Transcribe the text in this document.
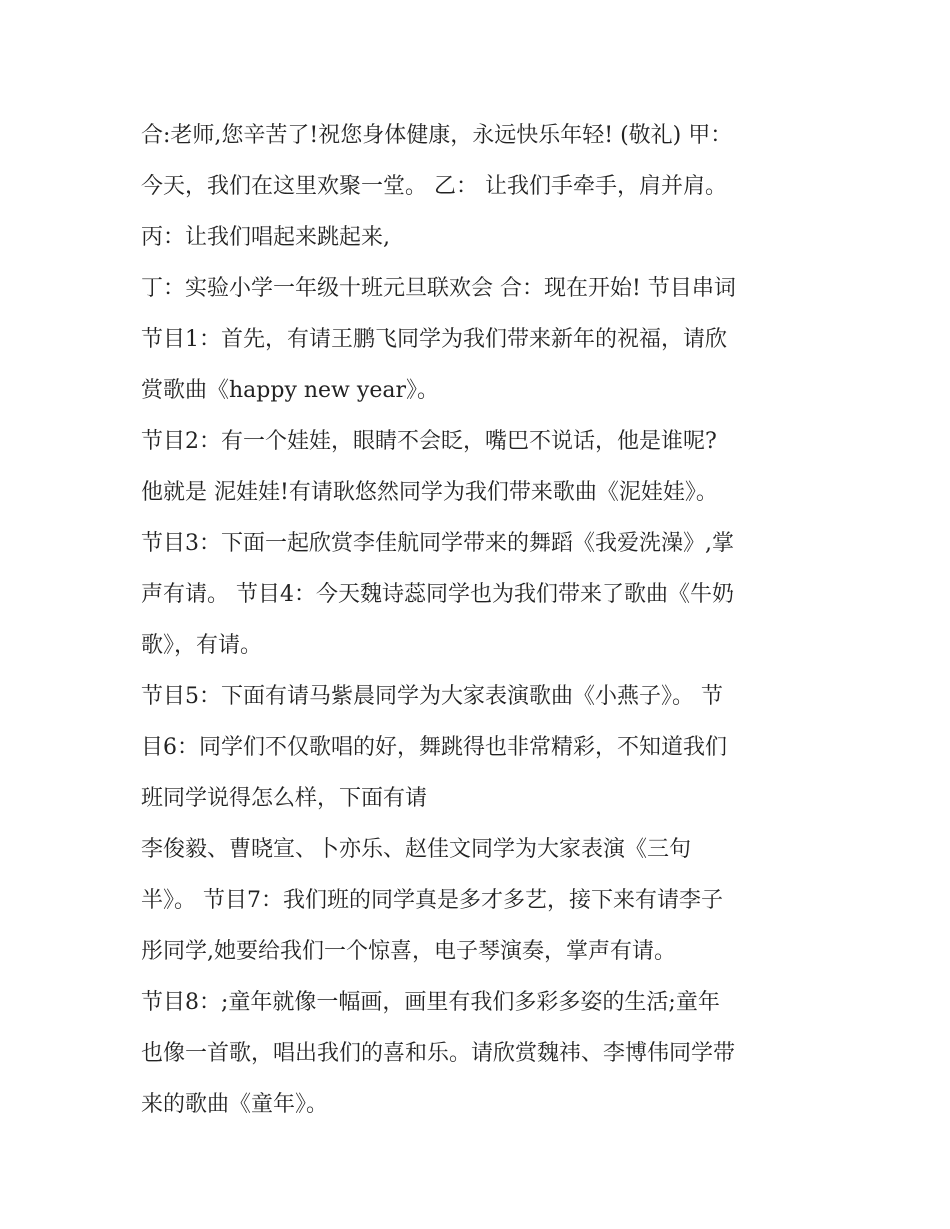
合:老师,您辛苦了!祝您身体健康，永远快乐年轻! (敬礼) 甲：
今天，我们在这里欢聚一堂。 乙： 让我们手牵手，肩并肩。
丙：让我们唱起来跳起来,
丁：实验小学一年级十班元旦联欢会 合：现在开始! 节目串词
节目1：首先，有请王鹏飞同学为我们带来新年的祝福，请欣
赏歌曲《happy new year》。
节目2：有一个娃娃，眼睛不会眨，嘴巴不说话，他是谁呢?
他就是 泥娃娃!有请耿悠然同学为我们带来歌曲《泥娃娃》。
节目3：下面一起欣赏李佳航同学带来的舞蹈《我爱洗澡》,掌
声有请。 节目4：今天魏诗蕊同学也为我们带来了歌曲《牛奶
歌》，有请。
节目5：下面有请马紫晨同学为大家表演歌曲《小燕子》。 节
目6：同学们不仅歌唱的好，舞跳得也非常精彩，不知道我们
班同学说得怎么样，下面有请
李俊毅、曹晓宣、卜亦乐、赵佳文同学为大家表演《三句
半》。 节目7：我们班的同学真是多才多艺，接下来有请李子
彤同学,她要给我们一个惊喜，电子琴演奏，掌声有请。
节目8：;童年就像一幅画，画里有我们多彩多姿的生活;童年
也像一首歌，唱出我们的喜和乐。请欣赏魏祎、李博伟同学带
来的歌曲《童年》。
